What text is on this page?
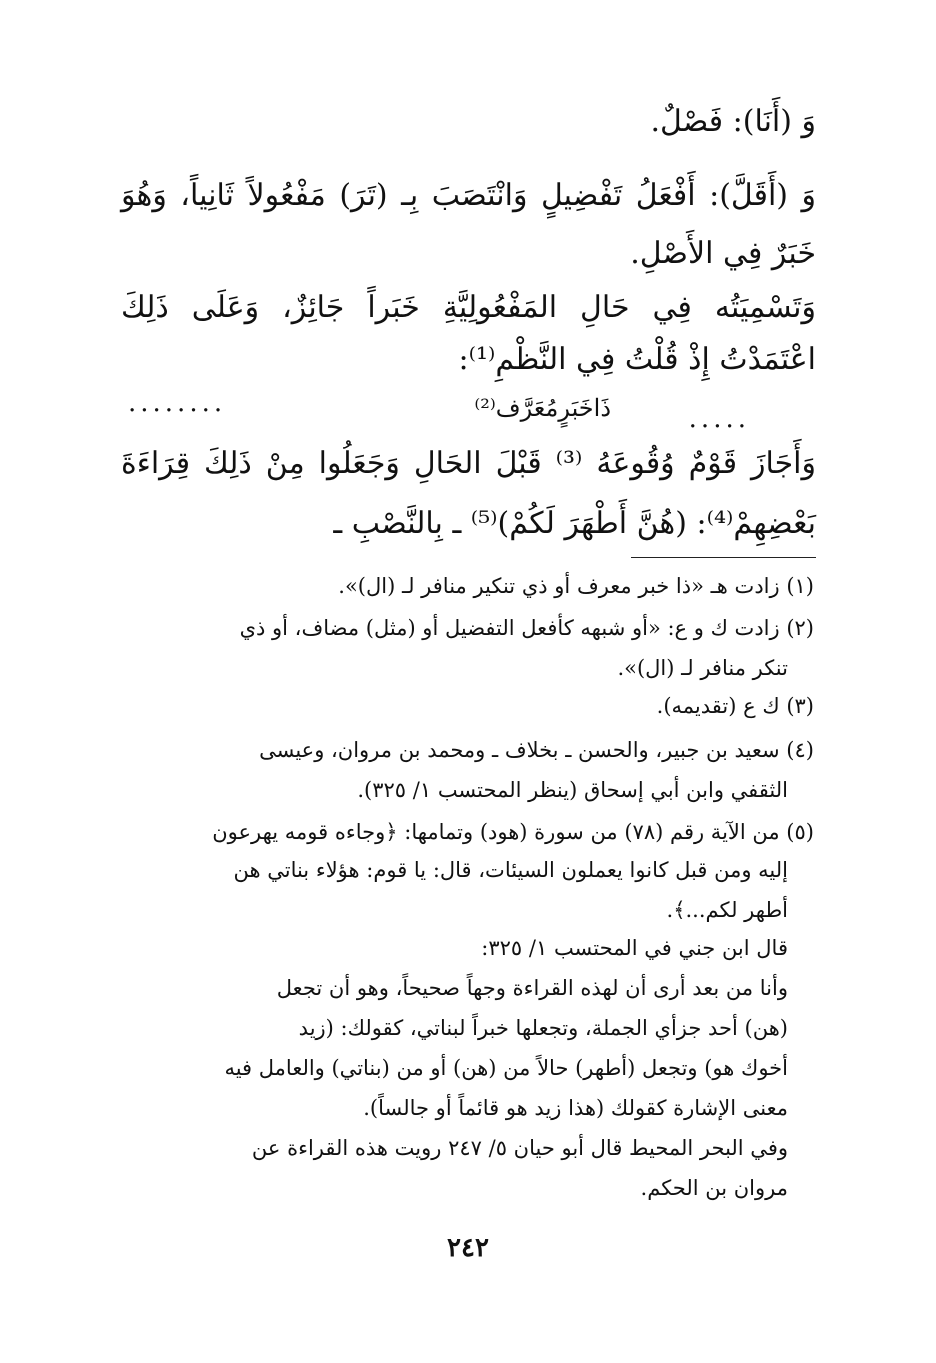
وَ (أَنَا): فَصْلٌ.
وَ (أَقَلَّ): أَفْعَلُ تَفْضِيلٍ وَانْتَصَبَ بِـ (تَرَ) مَفْعُولاً ثَانِياً، وَهُوَ
خَبَرٌ فِي الأَصْلِ.
وَتَسْمِيَتُه فِي حَالِ المَفْعُولِيَّةِ خَبَراً جَائِزٌ، وَعَلَى ذَلِكَ
اعْتَمَدْتُ إِذْ قُلْتُ فِي النَّظْمِ⁽¹⁾:
ذَاخَبَرٍمُعَرَّف⁽²⁾
........
.....
وَأَجَازَ قَوْمٌ وُقُوعَهُ ⁽³⁾ قَبْلَ الحَالِ وَجَعَلُوا مِنْ ذَلِكَ قِرَاءَةَ
بَعْضِهِمْ⁽⁴⁾: (هُنَّ أَطْهَرَ لَكُمْ)⁽⁵⁾ ـ بِالنَّصْبِ ـ
(١) زادت هـ «ذا خبر معرف أو ذي تنكير منافر لـ (ال)».
(٢) زادت ك و ع: «أو شبهه كأفعل التفضيل أو (مثل) مضاف، أو ذي
تنكر منافر لـ (ال)».
(٣) ك ع (تقديمه).
(٤) سعيد بن جبير، والحسن ـ بخلاف ـ ومحمد بن مروان، وعيسى
الثقفي وابن أبي إسحاق (ينظر المحتسب ١/ ٣٢٥).
(٥) من الآية رقم (٧٨) من سورة (هود) وتمامها: ﴿وجاءه قومه يهرعون
إليه ومن قبل كانوا يعملون السيئات، قال: يا قوم: هؤلاء بناتي هن
أطهر لكم...﴾.
قال ابن جني في المحتسب ١/ ٣٢٥:
وأنا من بعد أرى أن لهذه القراءة وجهاً صحيحاً، وهو أن تجعل
(هن) أحد جزأي الجملة، وتجعلها خبراً لبناتي، كقولك: (زيد
أخوك هو) وتجعل (أطهر) حالاً من (هن) أو من (بناتي) والعامل فيه
معنى الإشارة كقولك (هذا زيد هو قائماً أو جالساً).
وفي البحر المحيط قال أبو حيان ٥/ ٢٤٧ رويت هذه القراءة عن
مروان بن الحكم.
٢٤٢
